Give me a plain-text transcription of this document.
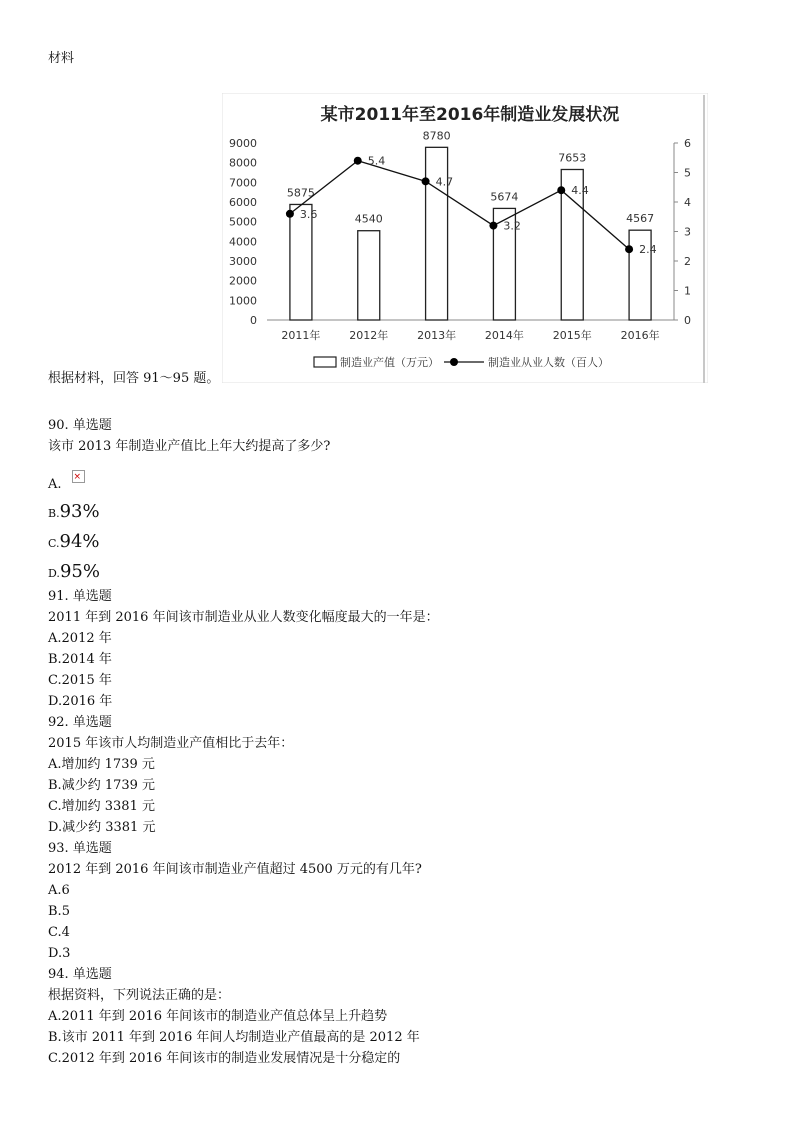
材料
某市2011年至2016年制造业发展状况
0
1000
2000
3000
4000
5000
6000
7000
8000
9000
0
1
2
3
4
5
6
5875
4540
8780
5674
7653
4567
2011年	2012年	2013年	2014年	2015年	2016年
3.6
5.4
4.7
3.2
4.4
2.4
制造业产值（万元）	制造业从业人数（百人）
根据材料，回答 91～95 题。
90. 单选题
该市 2013 年制造业产值比上年大约提高了多少?
A. ×
B.93%
C.94%
D.95%
91. 单选题
2011 年到 2016 年间该市制造业从业人数变化幅度最大的一年是：
A.2012 年
B.2014 年
C.2015 年
D.2016 年
92. 单选题
2015 年该市人均制造业产值相比于去年：
A.增加约 1739 元
B.减少约 1739 元
C.增加约 3381 元
D.减少约 3381 元
93. 单选题
2012 年到 2016 年间该市制造业产值超过 4500 万元的有几年?
A.6
B.5
C.4
D.3
94. 单选题
根据资料，下列说法正确的是：
A.2011 年到 2016 年间该市的制造业产值总体呈上升趋势
B.该市 2011 年到 2016 年间人均制造业产值最高的是 2012 年
C.2012 年到 2016 年间该市的制造业发展情况是十分稳定的
